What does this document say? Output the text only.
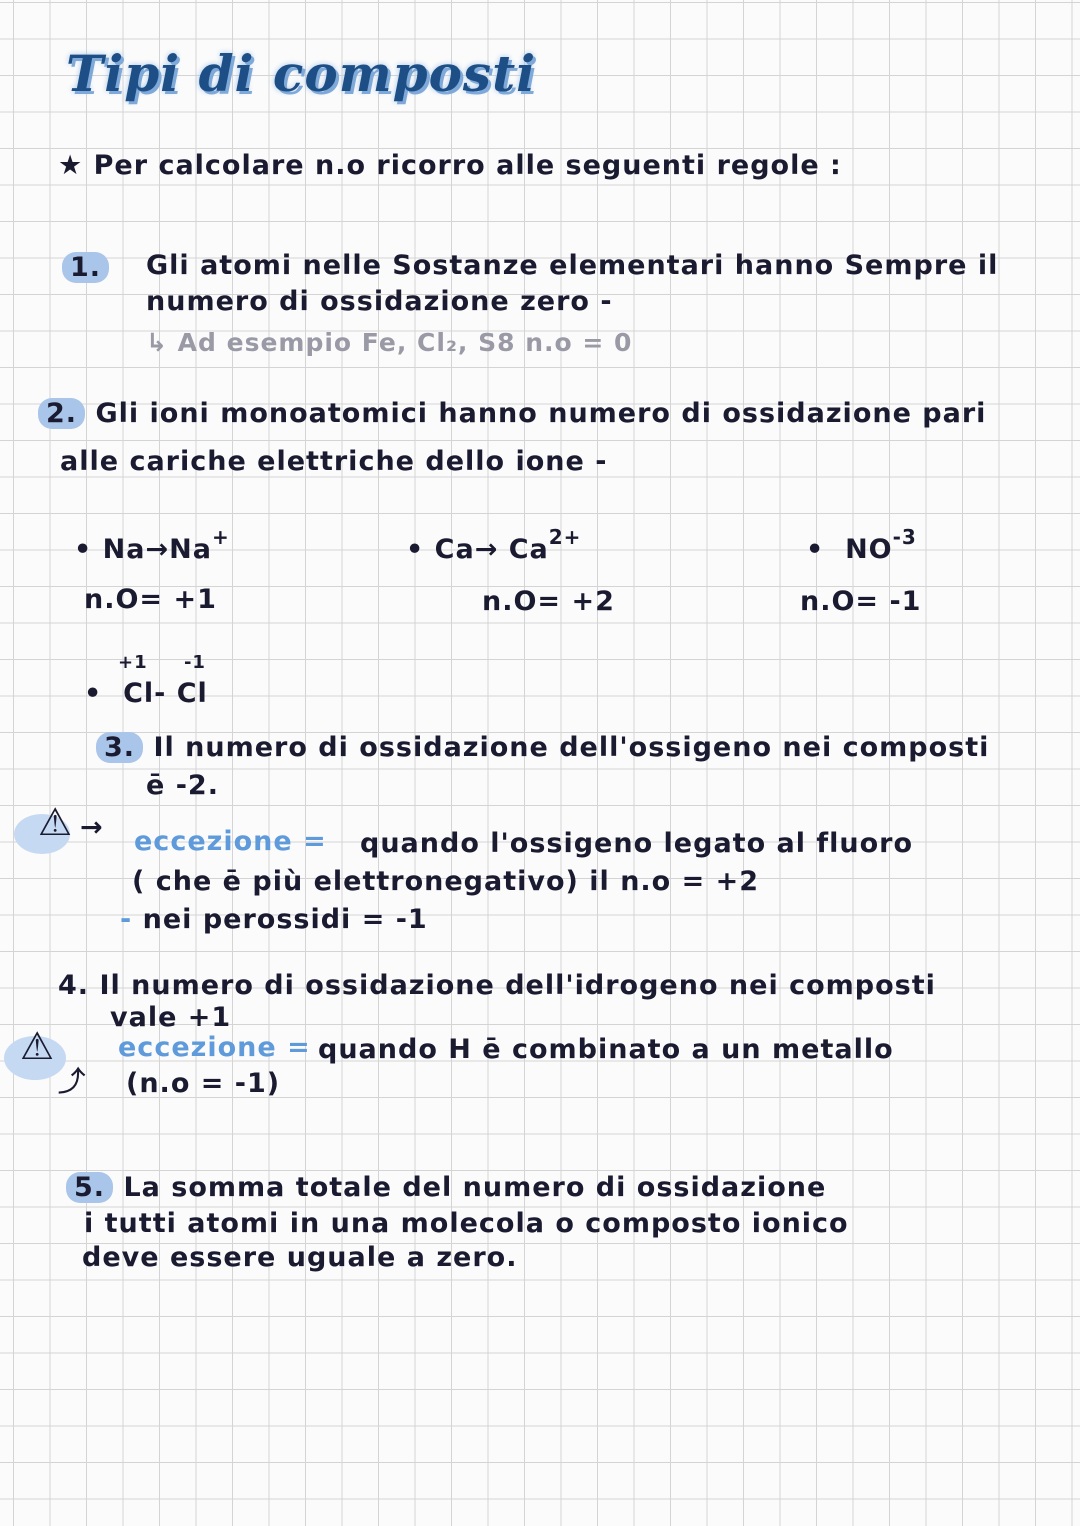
Tipi di composti
★ Per calcolare n.o ricorro alle seguenti regole :
1. Gli atomi nelle Sostanze elementari hanno Sempre il
numero di ossidazione zero -
↳ Ad esempio Fe, Cl₂, S8 n.o = 0
2. Gli ioni monoatomici hanno numero di ossidazione pari
alle cariche elettriche dello ione -
• Na→Na+
n.O= +1
• $Ca\to Ca^{2+}$
n.O= +2
•  $NO^{-3}$
n.O= -1
+1     -1
•  Cl- Cl
3. Il numero di ossidazione dell'ossigeno nei composti
ē -2.
⚠ → eccezione = quando l'ossigeno legato al fluoro
( che ē più elettronegativo) il n.o = +2
- nei perossidi = -1
4. Il numero di ossidazione dell'idrogeno nei composti
vale +1
⚠
⤴
eccezione = quando H ē combinato a un metallo
(n.o = -1)
5. La somma totale del numero di ossidazione
i tutti atomi in una molecola o composto ionico
deve essere uguale a zero.
